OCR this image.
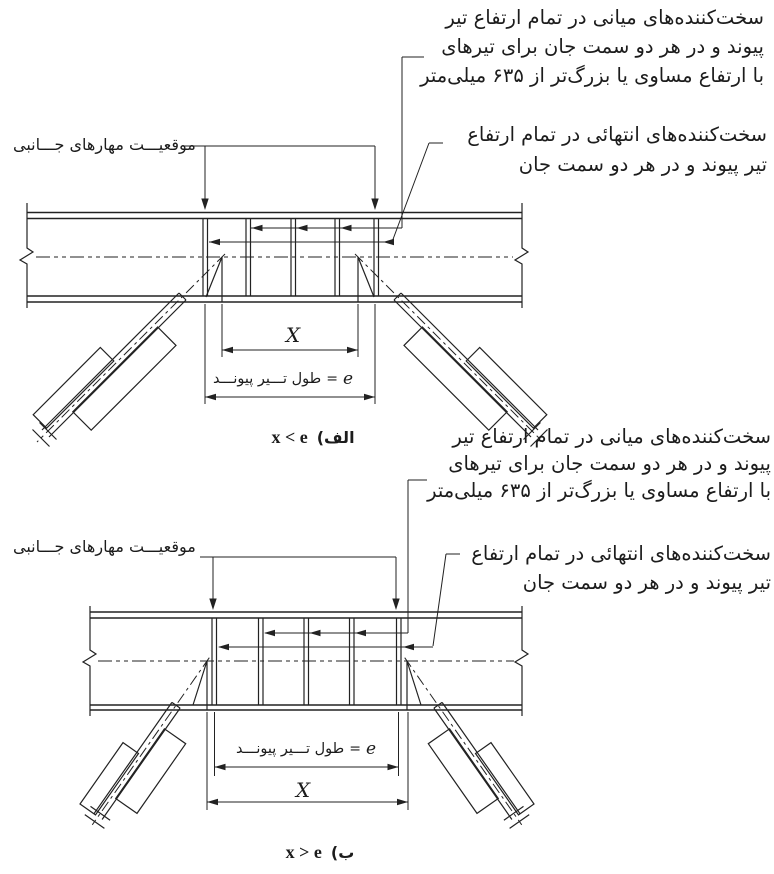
سخت‌کننده‌های میانی در تمام ارتفاع تیر
پیوند و در هر دو سمت جان برای تیرهای
با ارتفاع مساوی یا بزرگ‌تر از ۶۳۵ میلی‌متر
سخت‌کننده‌های انتهائی در تمام ارتفاع
تیر پیوند و در هر دو سمت جان
موقعیـــت مهارهای جـــانبی
X
طول تـــیر پیونـــد = e
x < e (الف	سخت‌کننده‌های میانی در تمام ارتفاع تیر
پیوند و در هر دو سمت جان برای تیرهای
با ارتفاع مساوی یا بزرگ‌تر از ۶۳۵ میلی‌متر
سخت‌کننده‌های انتهائی در تمام ارتفاع
تیر پیوند و در هر دو سمت جان
موقعیـــت مهارهای جـــانبی
طول تـــیر پیونـــد = e
X
x > e (ب
